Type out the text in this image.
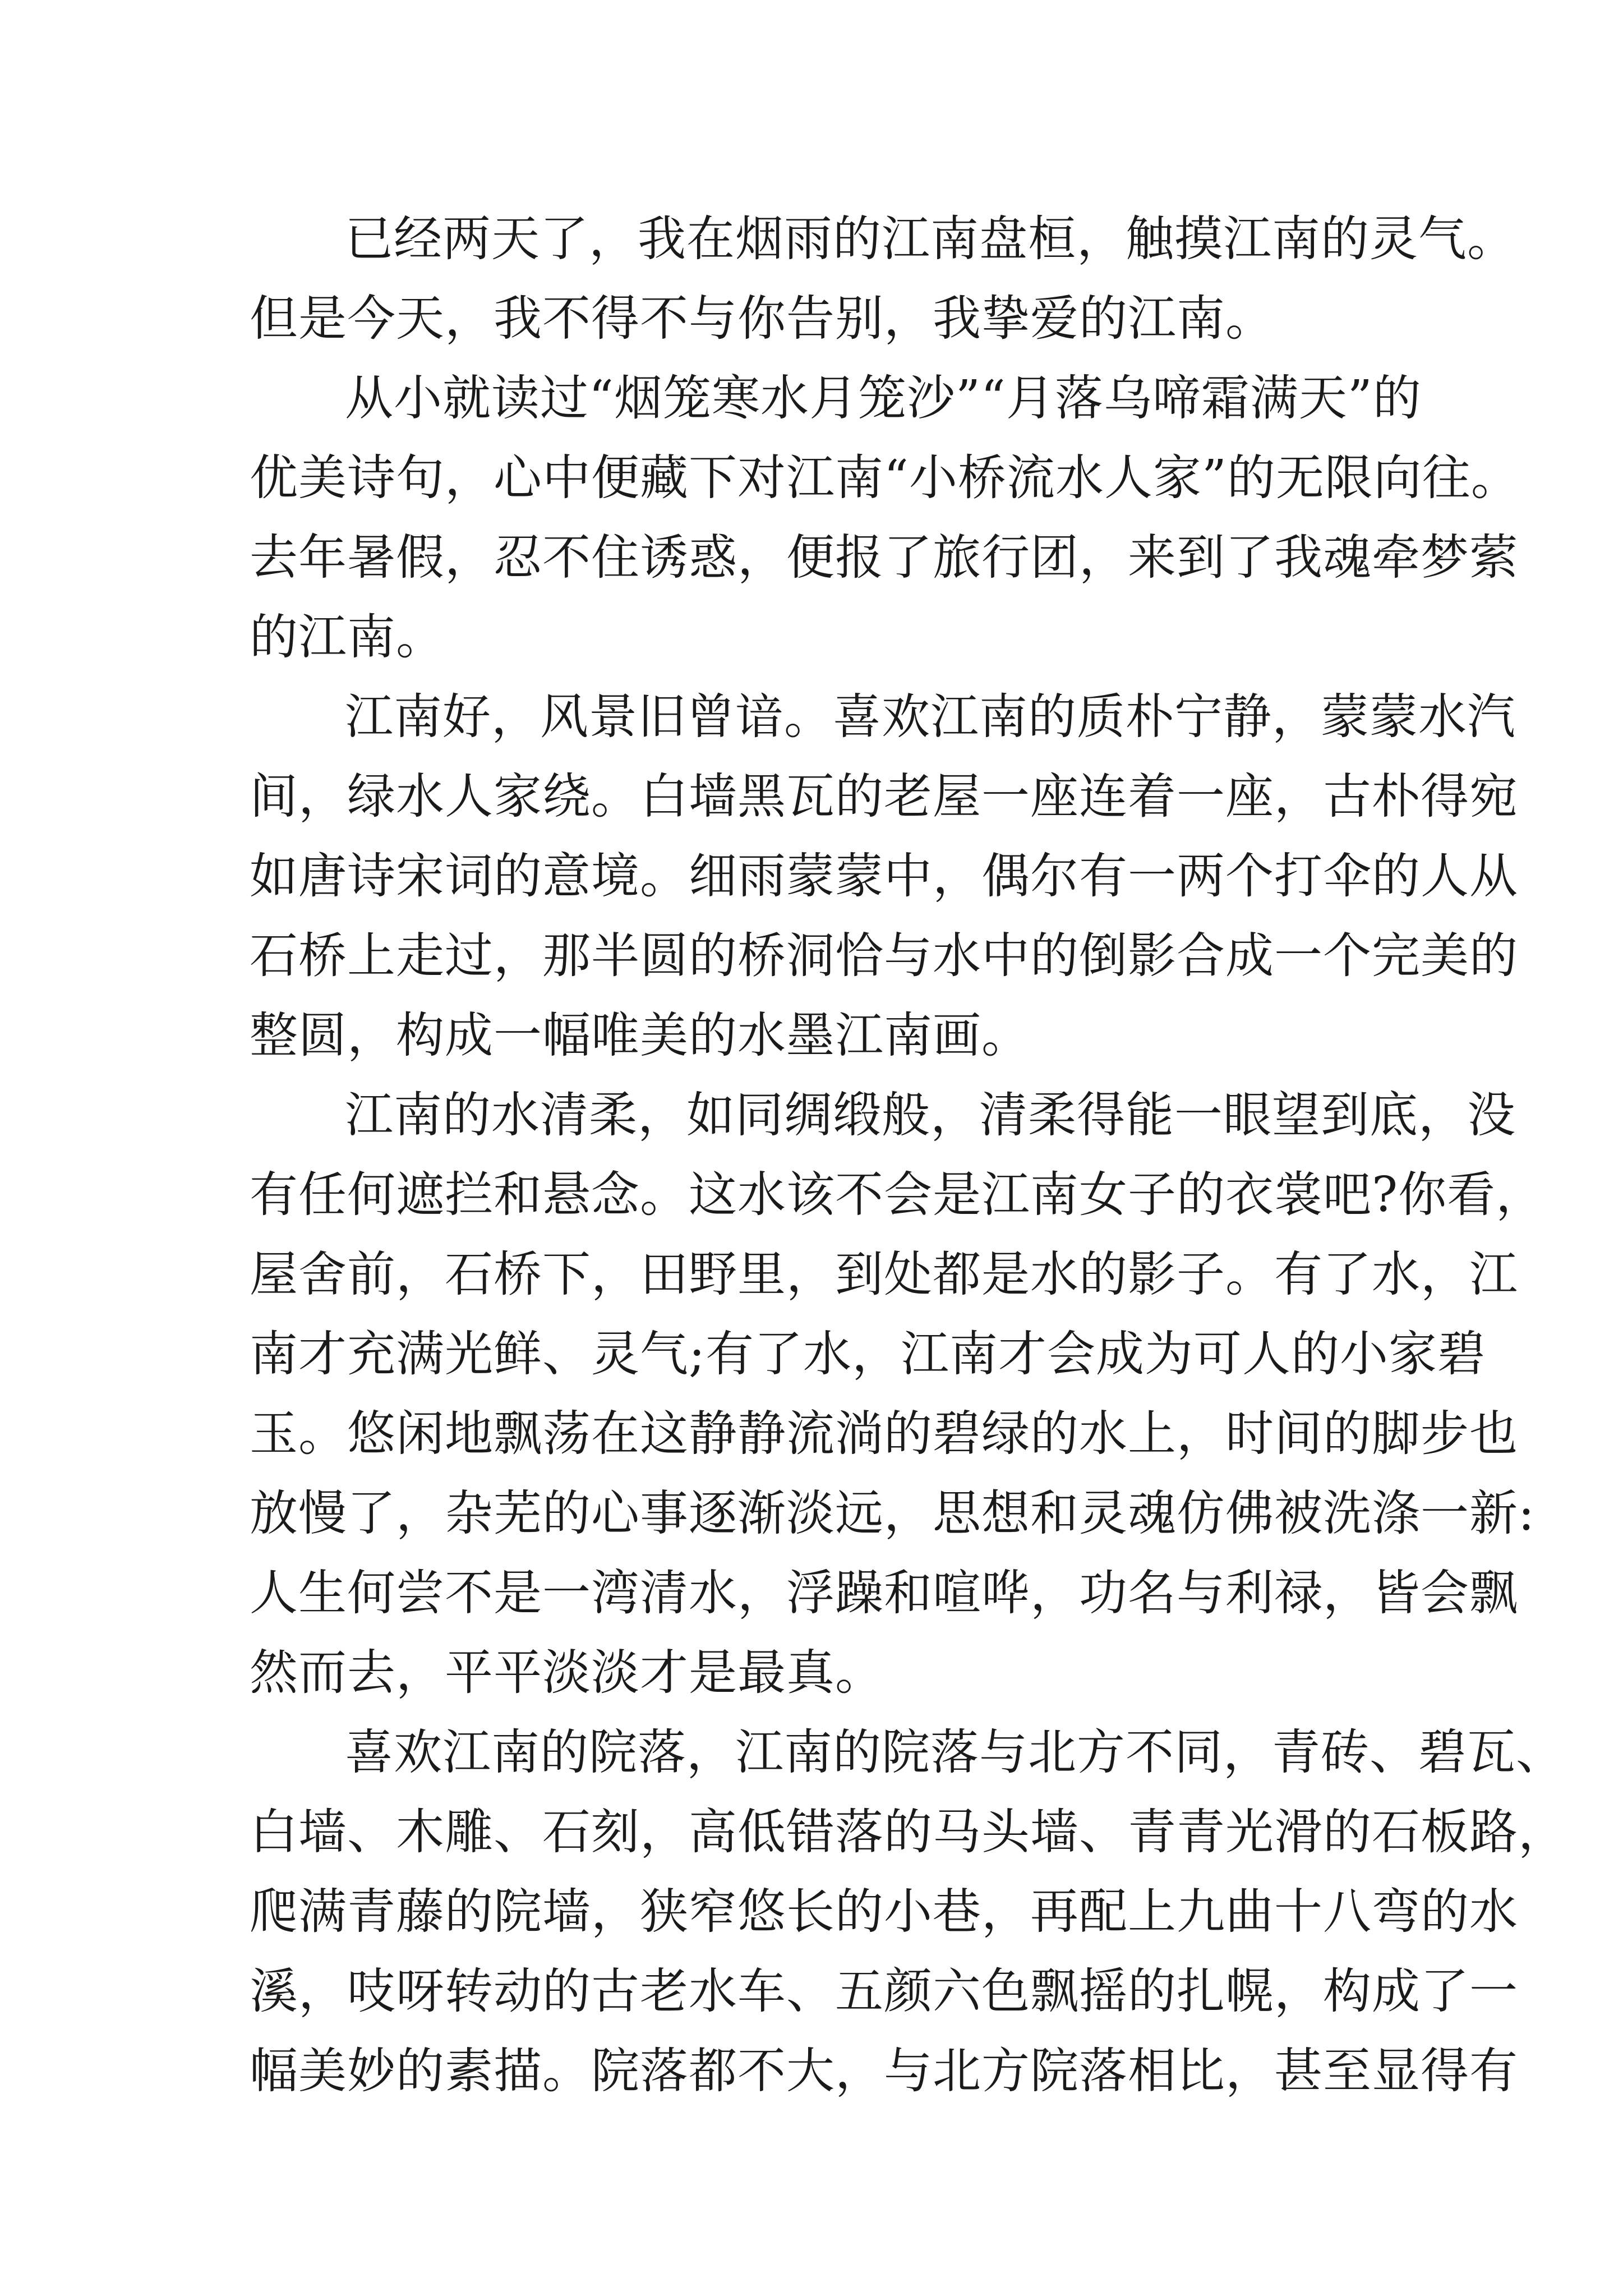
已经两天了，我在烟雨的江南盘桓，触摸江南的灵气。
但是今天，我不得不与你告别，我挚爱的江南。
从小就读过“烟笼寒水月笼沙”“月落乌啼霜满天”的
优美诗句，心中便藏下对江南“小桥流水人家”的无限向往。
去年暑假，忍不住诱惑，便报了旅行团，来到了我魂牵梦萦
的江南。
江南好，风景旧曾谙。喜欢江南的质朴宁静，蒙蒙水汽
间，绿水人家绕。白墙黑瓦的老屋一座连着一座，古朴得宛
如唐诗宋词的意境。细雨蒙蒙中，偶尔有一两个打伞的人从
石桥上走过，那半圆的桥洞恰与水中的倒影合成一个完美的
整圆，构成一幅唯美的水墨江南画。
江南的水清柔，如同绸缎般，清柔得能一眼望到底，没
有任何遮拦和悬念。这水该不会是江南女子的衣裳吧?你看，
屋舍前，石桥下，田野里，到处都是水的影子。有了水，江
南才充满光鲜、灵气;有了水，江南才会成为可人的小家碧
玉。悠闲地飘荡在这静静流淌的碧绿的水上，时间的脚步也
放慢了，杂芜的心事逐渐淡远，思想和灵魂仿佛被洗涤一新:
人生何尝不是一湾清水，浮躁和喧哗，功名与利禄，皆会飘
然而去，平平淡淡才是最真。
喜欢江南的院落，江南的院落与北方不同，青砖、碧瓦、
白墙、木雕、石刻，高低错落的马头墙、青青光滑的石板路，
爬满青藤的院墙，狭窄悠长的小巷，再配上九曲十八弯的水
溪，吱呀转动的古老水车、五颜六色飘摇的扎幌，构成了一
幅美妙的素描。院落都不大，与北方院落相比，甚至显得有
